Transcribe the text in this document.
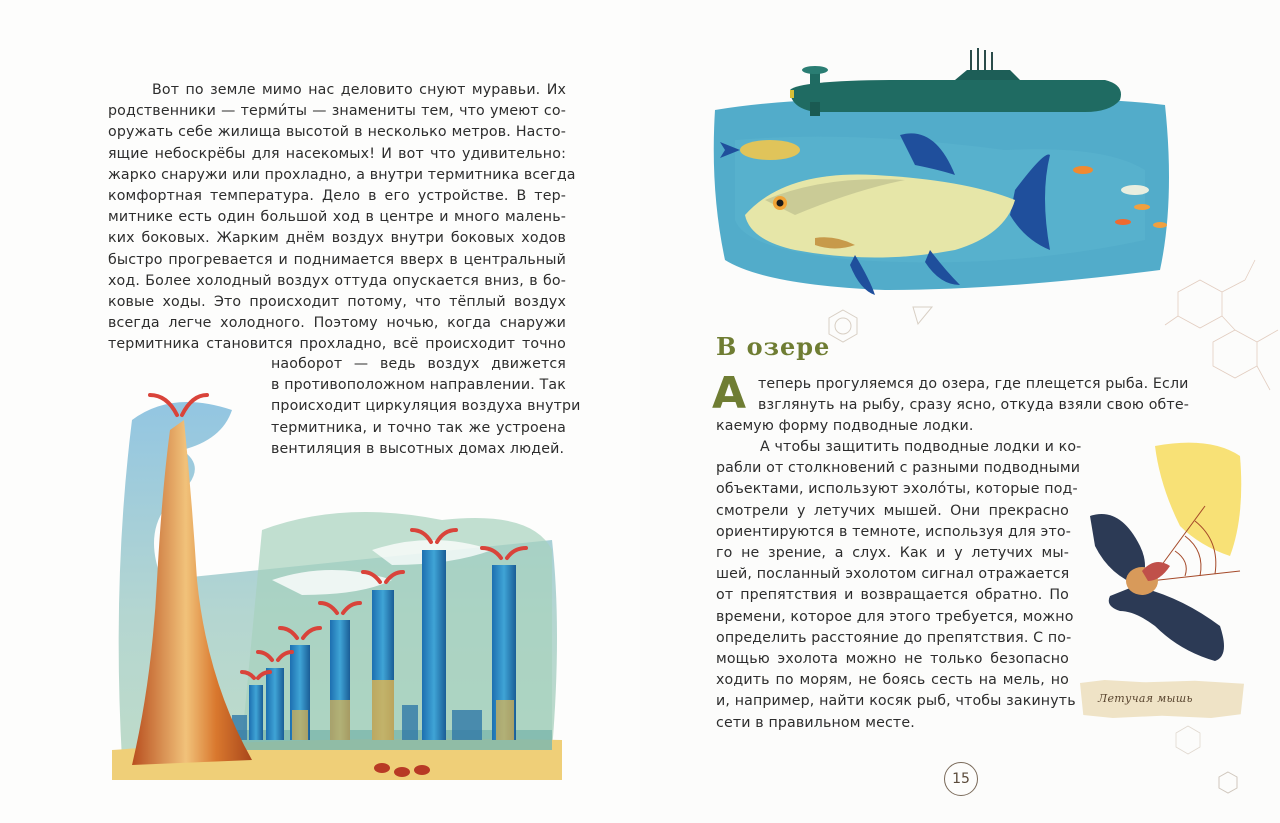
Вот по земле мимо нас деловито снуют муравьи. Их
родственники — терми́ты — знамениты тем, что умеют со-
оружать себе жилища высотой в несколько метров. Насто-
ящие небоскрёбы для насекомых! И вот что удивительно:
жарко снаружи или прохладно, а внутри термитника всегда
комфортная температура. Дело в его устройстве. В тер-
митнике есть один большой ход в центре и много малень-
ких боковых. Жарким днём воздух внутри боковых ходов
быстро прогревается и поднимается вверх в центральный
ход. Более холодный воздух оттуда опускается вниз, в бо-
ковые ходы. Это происходит потому, что тёплый воздух
всегда легче холодного. Поэтому ночью, когда снаружи
термитника становится прохладно, всё происходит точно
наоборот — ведь воздух движется
в противоположном направлении. Так
происходит циркуляция воздуха внутри
термитника, и точно так же устроена
вентиляция в высотных домах людей.
В озере
А теперь прогуляемся до озера, где плещется рыба. Если
взглянуть на рыбу, сразу ясно, откуда взяли свою обте-
каемую форму подводные лодки.
А чтобы защитить подводные лодки и ко-
рабли от столкновений с разными подводными
объектами, используют эхоло́ты, которые под-
смотрели у летучих мышей. Они прекрасно
ориентируются в темноте, используя для это-
го не зрение, а слух. Как и у летучих мы-
шей, посланный эхолотом сигнал отражается
от препятствия и возвращается обратно. По
времени, которое для этого требуется, можно
определить расстояние до препятствия. С по-
мощью эхолота можно не только безопасно
ходить по морям, не боясь сесть на мель, но
и, например, найти косяк рыб, чтобы закинуть
сети в правильном месте.
Летучая мышь
15
